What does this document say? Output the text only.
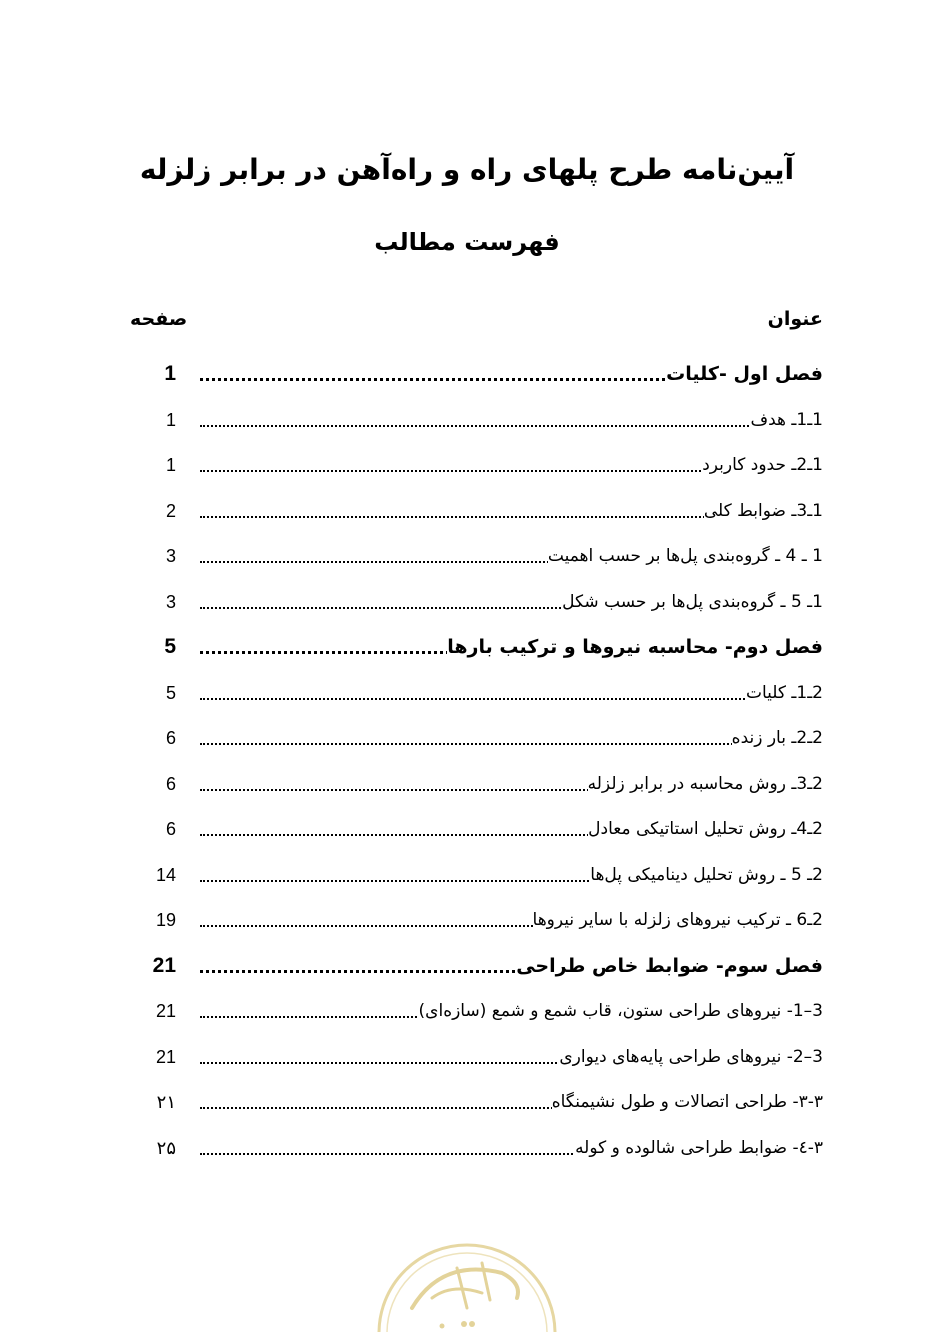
آیین‌نامه طرح پلهای راه و راه‌آهن در برابر زلزله
فهرست مطالب
عنوان
صفحه
فصل اول -کلیات
1
1ـ1ـ هدف
1
1ـ2ـ حدود کاربرد
1
1ـ3ـ ضوابط کلی
2
1 ـ 4 ـ گروه‌بندی پل‌ها بر حسب اهمیت
3
1ـ 5 ـ گروه‌بندی پل‌ها بر حسب شکل
3
فصل دوم- محاسبه نیروها و ترکیب بارها
5
2ـ1ـ کلیات
5
2ـ2ـ بار زنده
6
2ـ3ـ روش محاسبه در برابر زلزله
6
2ـ4ـ روش تحلیل استاتیکی معادل
6
2ـ 5 ـ روش تحلیل دینامیکی پل‌ها
14
2ـ6 ـ ترکیب نیروهای زلزله با سایر نیروها
19
فصل سوم- ضوابط خاص طراحی
21
3–1- نیروهای طراحی ستون، قاب شمع و شمع (سازه‌ای)
21
3–2- نیروهای طراحی پایه‌های دیواری
21
۳-۳- طراحی اتصالات و طول نشیمنگاه
۲۱
۳-٤- ضوابط طراحی شالوده و کوله
۲۵
